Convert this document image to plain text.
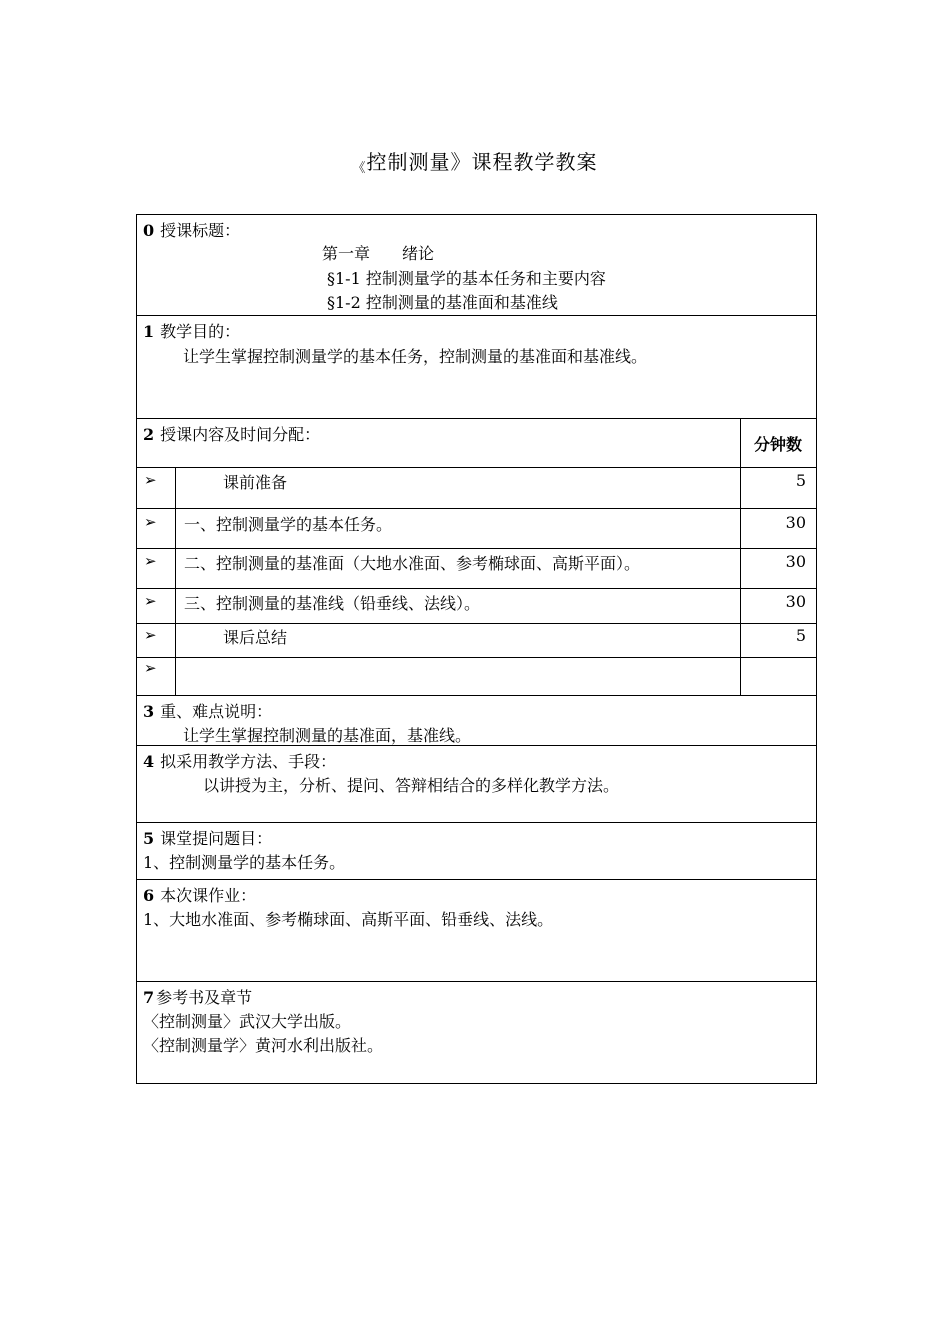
《控制测量》课程教学教案
0 授课标题：
第一章　　绪论
§1-1 控制测量学的基本任务和主要内容
§1-2 控制测量的基准面和基准线
1 教学目的：
让学生掌握控制测量学的基本任务，控制测量的基准面和基准线。
2 授课内容及时间分配：
分钟数
➢	课前准备	5
➢ 一、控制测量学的基本任务。	30
➢ 二、控制测量的基准面（大地水准面、参考椭球面、高斯平面）。	30
➢ 三、控制测量的基准线（铅垂线、法线）。	30
➢	课后总结	5
➢
3 重、难点说明：
让学生掌握控制测量的基准面，基准线。
4 拟采用教学方法、手段：
以讲授为主，分析、提问、答辩相结合的多样化教学方法。
5 课堂提问题目：
1、控制测量学的基本任务。
6 本次课作业：
1、大地水准面、参考椭球面、高斯平面、铅垂线、法线。
7 参考书及章节
〈控制测量〉武汉大学出版。
〈控制测量学〉黄河水利出版社。
